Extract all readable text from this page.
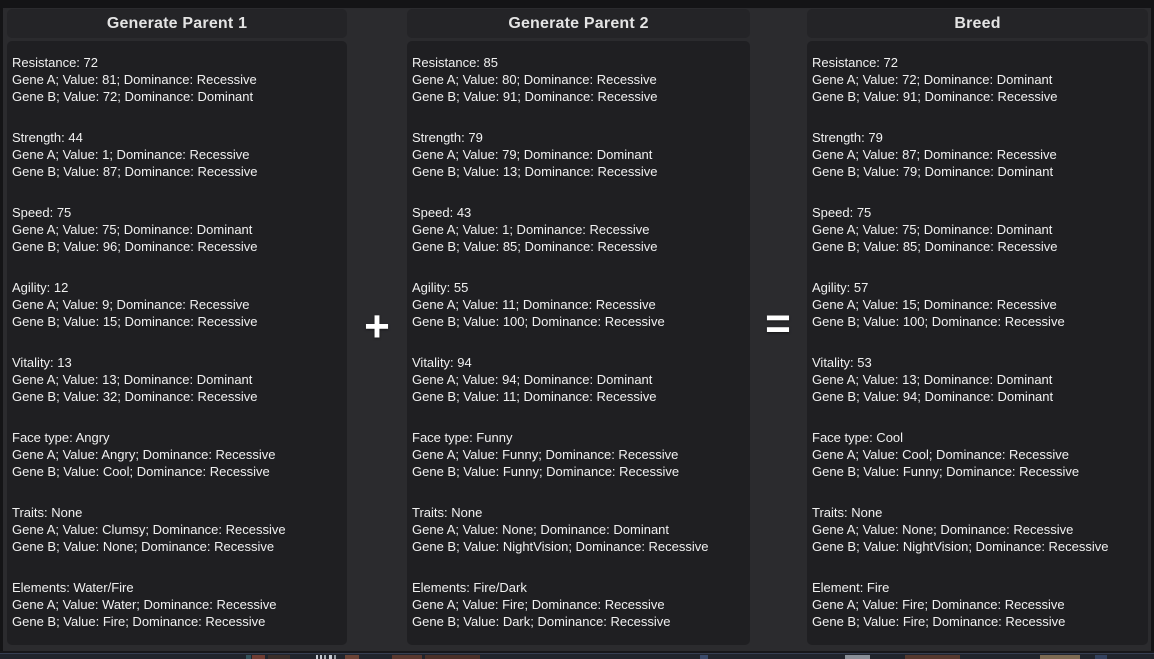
Generate Parent 1
Resistance: 72
Gene A; Value: 81; Dominance: Recessive
Gene B; Value: 72; Dominance: Dominant
Strength: 44
Gene A; Value: 1; Dominance: Recessive
Gene B; Value: 87; Dominance: Recessive
Speed: 75
Gene A; Value: 75; Dominance: Dominant
Gene B; Value: 96; Dominance: Recessive
Agility: 12
Gene A; Value: 9; Dominance: Recessive
Gene B; Value: 15; Dominance: Recessive
Vitality: 13
Gene A; Value: 13; Dominance: Dominant
Gene B; Value: 32; Dominance: Recessive
Face type: Angry
Gene A; Value: Angry; Dominance: Recessive
Gene B; Value: Cool; Dominance: Recessive
Traits: None
Gene A; Value: Clumsy; Dominance: Recessive
Gene B; Value: None; Dominance: Recessive
Elements: Water/Fire
Gene A; Value: Water; Dominance: Recessive
Gene B; Value: Fire; Dominance: Recessive
+
Generate Parent 2
Resistance: 85
Gene A; Value: 80; Dominance: Recessive
Gene B; Value: 91; Dominance: Recessive
Strength: 79
Gene A; Value: 79; Dominance: Dominant
Gene B; Value: 13; Dominance: Recessive
Speed: 43
Gene A; Value: 1; Dominance: Recessive
Gene B; Value: 85; Dominance: Recessive
Agility: 55
Gene A; Value: 11; Dominance: Recessive
Gene B; Value: 100; Dominance: Recessive
Vitality: 94
Gene A; Value: 94; Dominance: Dominant
Gene B; Value: 11; Dominance: Recessive
Face type: Funny
Gene A; Value: Funny; Dominance: Recessive
Gene B; Value: Funny; Dominance: Recessive
Traits: None
Gene A; Value: None; Dominance: Dominant
Gene B; Value: NightVision; Dominance: Recessive
Elements: Fire/Dark
Gene A; Value: Fire; Dominance: Recessive
Gene B; Value: Dark; Dominance: Recessive
=
Breed
Resistance: 72
Gene A; Value: 72; Dominance: Dominant
Gene B; Value: 91; Dominance: Recessive
Strength: 79
Gene A; Value: 87; Dominance: Recessive
Gene B; Value: 79; Dominance: Dominant
Speed: 75
Gene A; Value: 75; Dominance: Dominant
Gene B; Value: 85; Dominance: Recessive
Agility: 57
Gene A; Value: 15; Dominance: Recessive
Gene B; Value: 100; Dominance: Recessive
Vitality: 53
Gene A; Value: 13; Dominance: Dominant
Gene B; Value: 94; Dominance: Dominant
Face type: Cool
Gene A; Value: Cool; Dominance: Recessive
Gene B; Value: Funny; Dominance: Recessive
Traits: None
Gene A; Value: None; Dominance: Recessive
Gene B; Value: NightVision; Dominance: Recessive
Element: Fire
Gene A; Value: Fire; Dominance: Recessive
Gene B; Value: Fire; Dominance: Recessive
